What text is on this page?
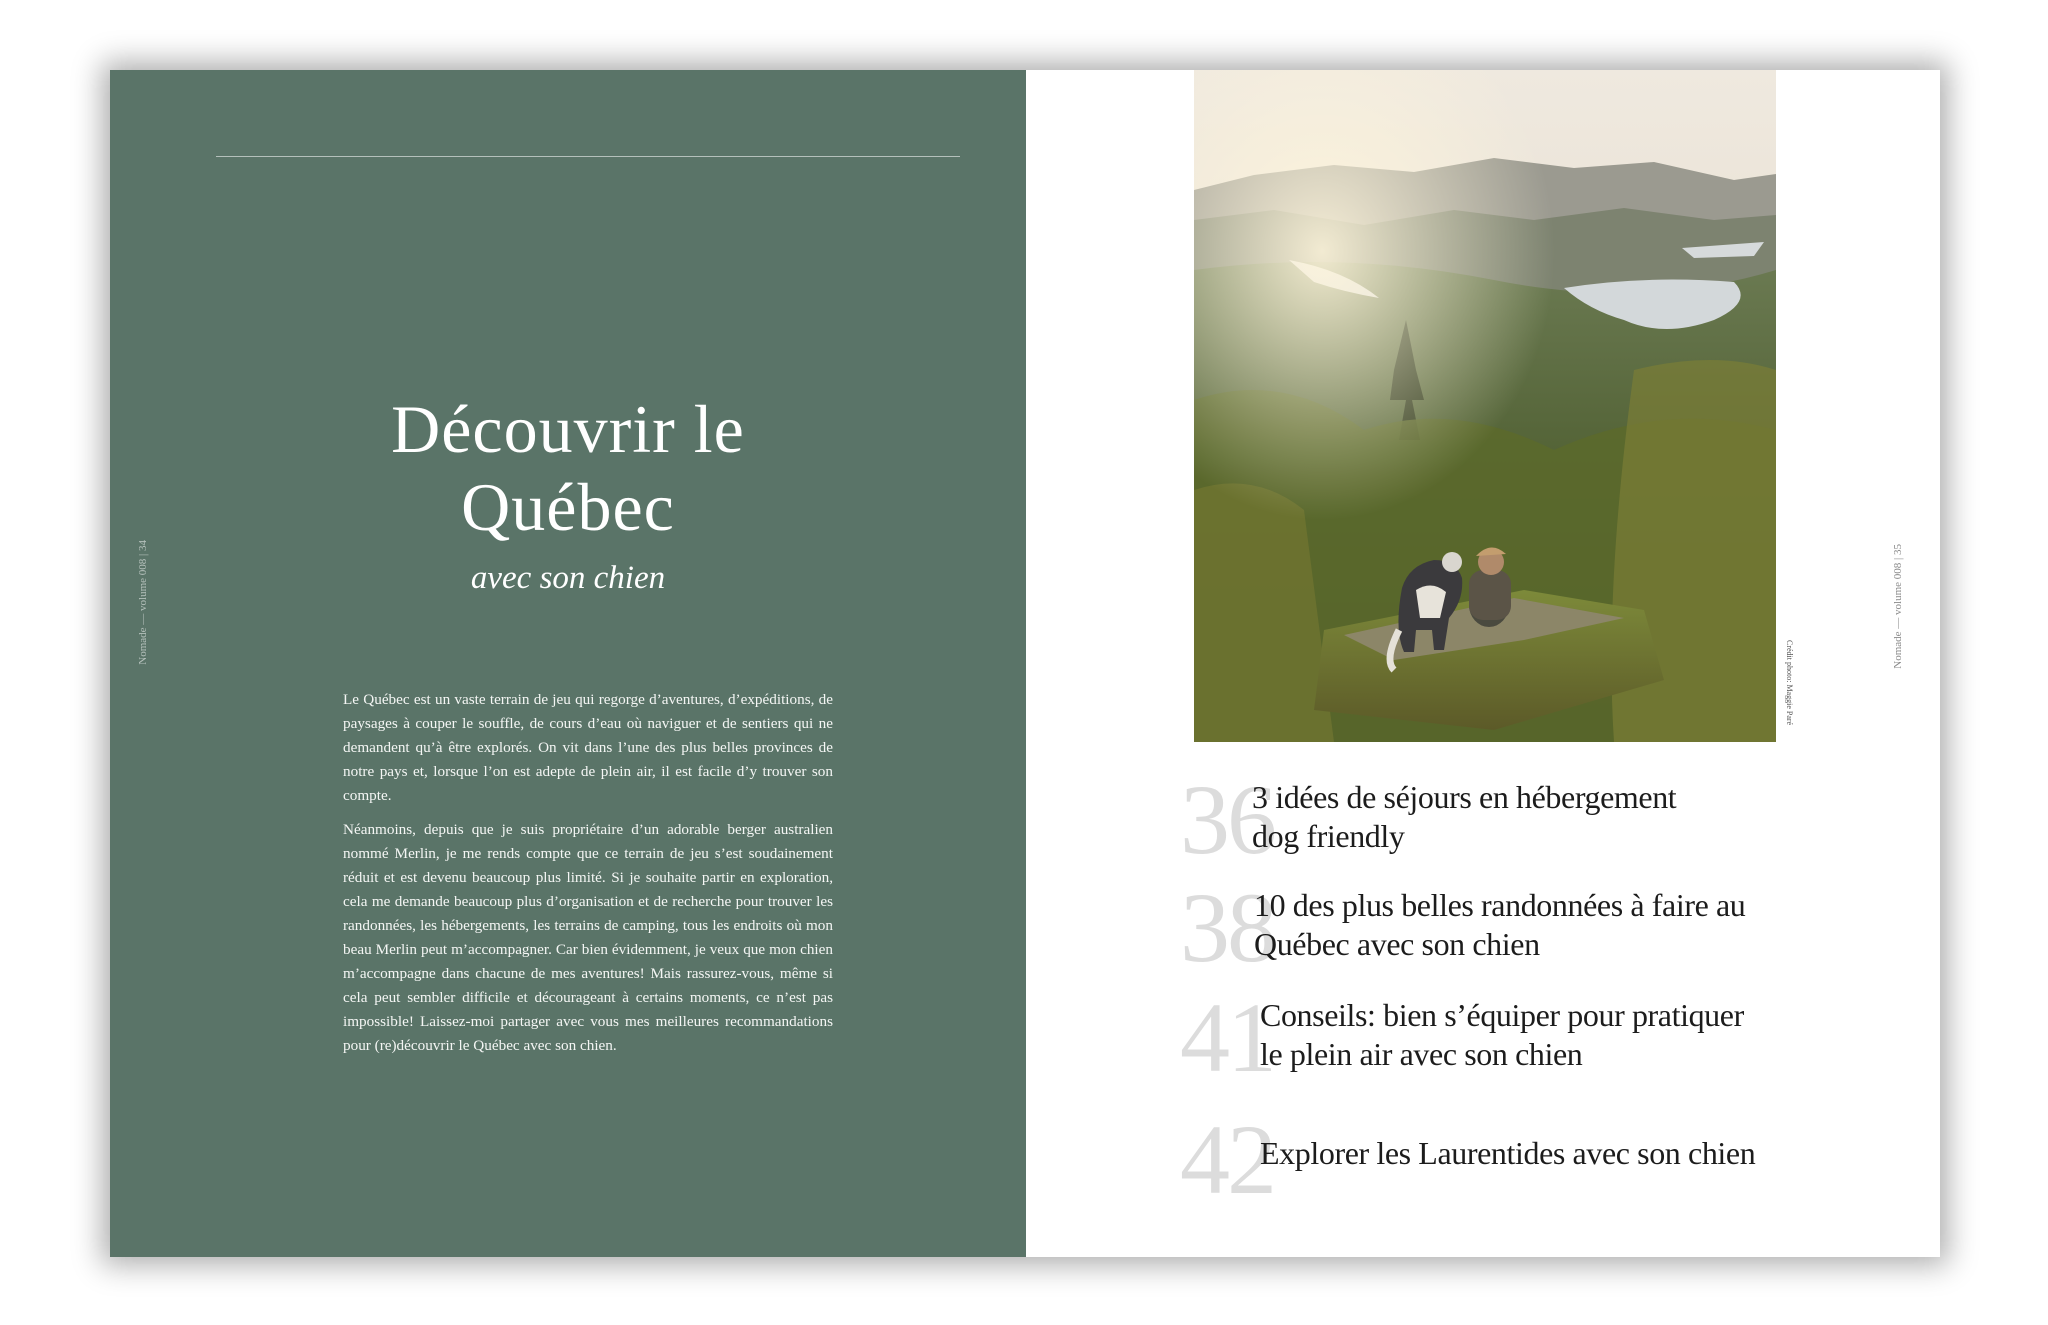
Nomade — volume 008 | 34
Découvrir le
Québec

avec son chien

Le Québec est un vaste terrain de jeu qui regorge d’aventures, d’expéditions, de paysages à couper le souffle, de cours d’eau où naviguer et de sentiers qui ne demandent qu’à être explorés. On vit dans l’une des plus belles provinces de notre pays et, lorsque l’on est adepte de plein air, il est facile d’y trouver son compte.

Néanmoins, depuis que je suis propriétaire d’un adorable berger australien nommé Merlin, je me rends compte que ce terrain de jeu s’est soudainement réduit et est devenu beaucoup plus limité. Si je souhaite partir en exploration, cela me demande beaucoup plus d’organisation et de recherche pour trouver les randonnées, les hébergements, les terrains de camping, tous les endroits où mon beau Merlin peut m’accompagner. Car bien évidemment, je veux que mon chien m’accompagne dans chacune de mes aventures! Mais rassurez-vous, même si cela peut sembler difficile et décourageant à certains moments, ce n’est pas impossible! Laissez-moi partager avec vous mes meilleures recommandations pour (re)découvrir le Québec avec son chien.

Crédit photo: Maggie Paré
Nomade — volume 008 | 35
36
3 idées de séjours en hébergement
dog friendly
38
10 des plus belles randonnées à faire au
Québec avec son chien
41
Conseils: bien s’équiper pour pratiquer
le plein air avec son chien
42
Explorer les Laurentides avec son chien
